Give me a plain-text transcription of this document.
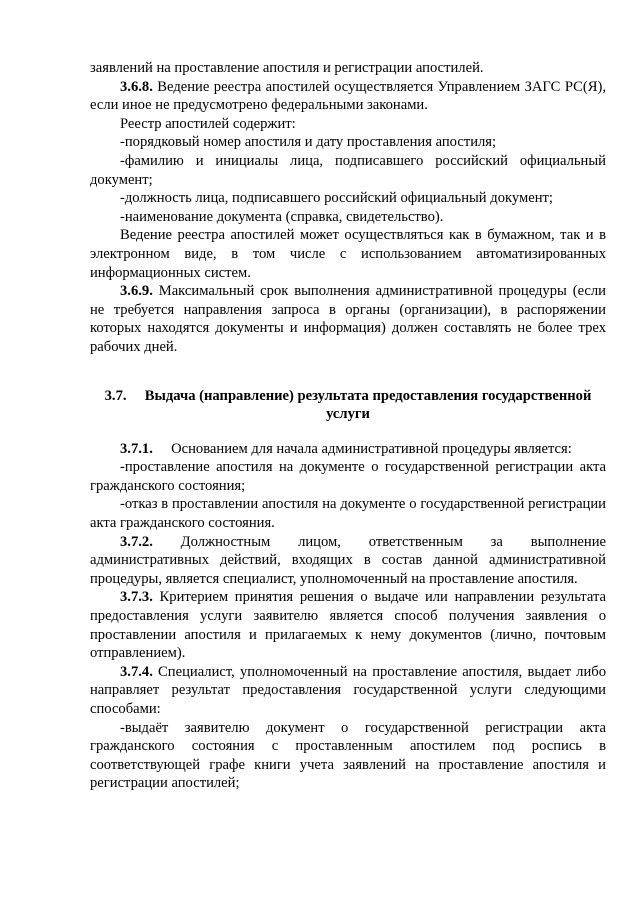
заявлений на проставление апостиля и регистрации апостилей.

3.6.8. Ведение реестра апостилей осуществляется Управлением ЗАГС РС(Я), если иное не предусмотрено федеральными законами.

Реестр апостилей содержит:

-порядковый номер апостиля и дату проставления апостиля;

-фамилию и инициалы лица, подписавшего российский официальный документ;

-должность лица, подписавшего российский официальный документ;

-наименование документа (справка, свидетельство).

Ведение реестра апостилей может осуществляться как в бумажном, так и в электронном виде, в том числе с использованием автоматизированных информационных систем.

3.6.9. Максимальный срок выполнения административной процедуры (если не требуется направления запроса в органы (организации), в распоряжении которых находятся документы и информация) должен составлять не более трех рабочих дней.

3.7.     Выдача (направление) результата предоставления государственной услуги

3.7.1.     Основанием для начала административной процедуры является:

-проставление апостиля на документе о государственной регистрации акта гражданского состояния;

-отказ в проставлении апостиля на документе о государственной регистрации акта гражданского состояния.

3.7.2. Должностным лицом, ответственным за выполнение административных действий, входящих в состав данной административной процедуры, является специалист, уполномоченный на проставление апостиля.

3.7.3. Критерием принятия решения о выдаче или направлении результата предоставления услуги заявителю является способ получения заявления о проставлении апостиля и прилагаемых к нему документов (лично, почтовым отправлением).

3.7.4. Специалист, уполномоченный на проставление апостиля, выдает либо направляет результат предоставления государственной услуги следующими способами:

-выдаёт заявителю документ о государственной регистрации акта гражданского состояния с проставленным апостилем под роспись в соответствующей графе книги учета заявлений на проставление апостиля и регистрации апостилей;
